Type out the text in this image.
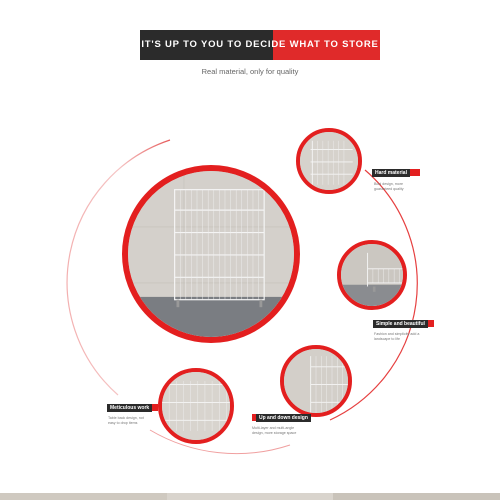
IT'S UP TO YOU TO DECIDE WHAT TO STORE
Real material, only for quality
Hard material
Bold design, more guaranteed quality
Simple and beautiful
Fashion and simplicity add a landscape to life
Up and down design
Multi-layer and multi-angle design, more storage space
Meticulous work
Table back design, not easy to drop items
